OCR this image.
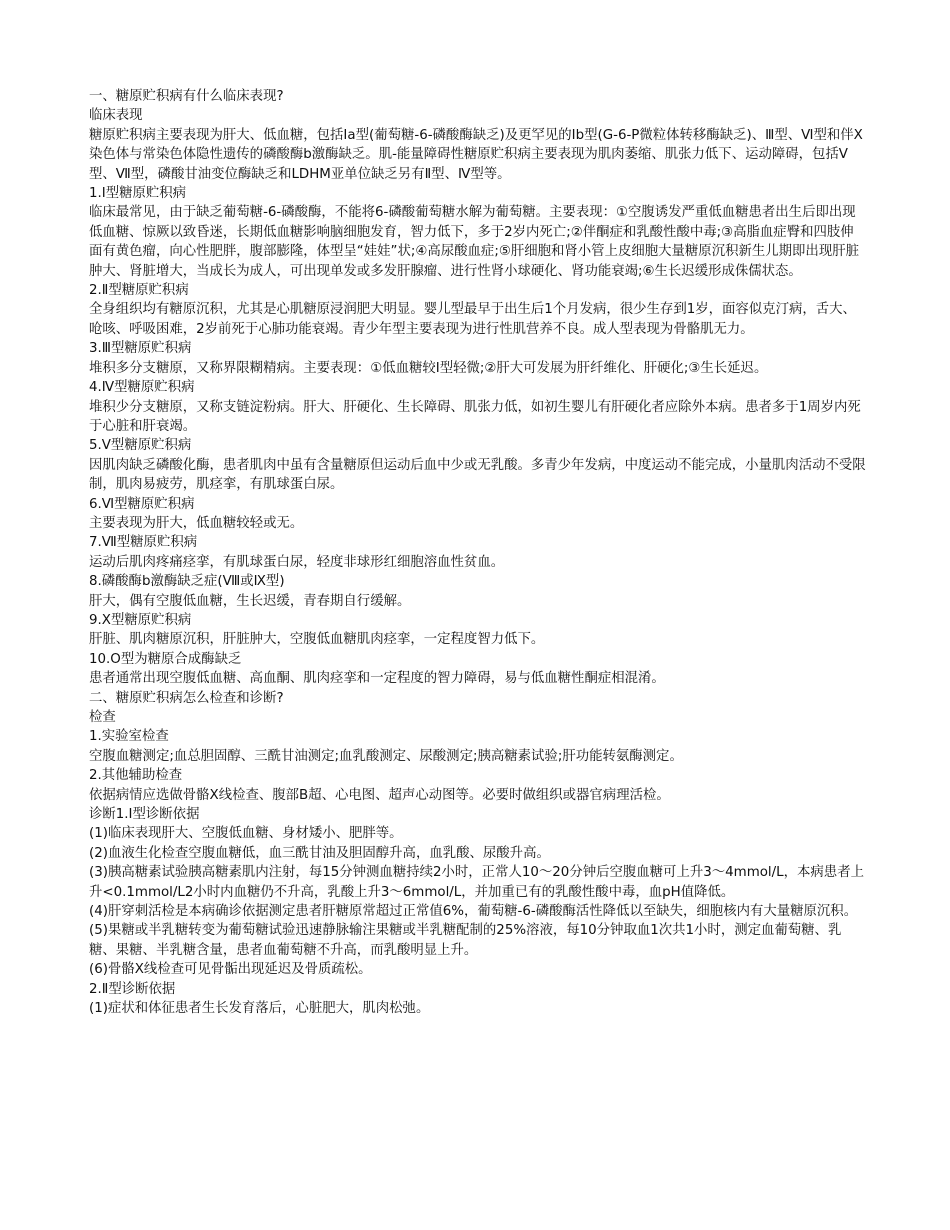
一、糖原贮积病有什么临床表现?

临床表现

糖原贮积病主要表现为肝大、低血糖，包括Ⅰa型(葡萄糖-6-磷酸酶缺乏)及更罕见的Ⅰb型(G-6-P微粒体转移酶缺乏)、Ⅲ型、Ⅵ型和伴X染色体与常染色体隐性遗传的磷酸酶b激酶缺乏。肌-能量障碍性糖原贮积病主要表现为肌肉萎缩、肌张力低下、运动障碍，包括Ⅴ型、Ⅶ型，磷酸甘油变位酶缺乏和LDHM亚单位缺乏另有Ⅱ型、Ⅳ型等。

1.Ⅰ型糖原贮积病

临床最常见，由于缺乏葡萄糖-6-磷酸酶，不能将6-磷酸葡萄糖水解为葡萄糖。主要表现：①空腹诱发严重低血糖患者出生后即出现低血糖、惊厥以致昏迷，长期低血糖影响脑细胞发育，智力低下，多于2岁内死亡;②伴酮症和乳酸性酸中毒;③高脂血症臀和四肢伸面有黄色瘤，向心性肥胖，腹部膨隆，体型呈“娃娃”状;④高尿酸血症;⑤肝细胞和肾小管上皮细胞大量糖原沉积新生儿期即出现肝脏肿大、肾脏增大，当成长为成人，可出现单发或多发肝腺瘤、进行性肾小球硬化、肾功能衰竭;⑥生长迟缓形成侏儒状态。

2.Ⅱ型糖原贮积病

全身组织均有糖原沉积，尤其是心肌糖原浸润肥大明显。婴儿型最早于出生后1个月发病，很少生存到1岁，面容似克汀病，舌大、呛咳、呼吸困难，2岁前死于心肺功能衰竭。青少年型主要表现为进行性肌营养不良。成人型表现为骨骼肌无力。

3.Ⅲ型糖原贮积病

堆积多分支糖原，又称界限糊精病。主要表现：①低血糖较Ⅰ型轻微;②肝大可发展为肝纤维化、肝硬化;③生长延迟。

4.Ⅳ型糖原贮积病

堆积少分支糖原，又称支链淀粉病。肝大、肝硬化、生长障碍、肌张力低，如初生婴儿有肝硬化者应除外本病。患者多于1周岁内死于心脏和肝衰竭。

5.Ⅴ型糖原贮积病

因肌肉缺乏磷酸化酶，患者肌肉中虽有含量糖原但运动后血中少或无乳酸。多青少年发病，中度运动不能完成，小量肌肉活动不受限制，肌肉易疲劳，肌痉挛，有肌球蛋白尿。

6.Ⅵ型糖原贮积病

主要表现为肝大，低血糖较轻或无。

7.Ⅶ型糖原贮积病

运动后肌肉疼痛痉挛，有肌球蛋白尿，轻度非球形红细胞溶血性贫血。

8.磷酸酶b激酶缺乏症(Ⅷ或Ⅸ型)

肝大，偶有空腹低血糖，生长迟缓，青春期自行缓解。

9.X型糖原贮积病

肝脏、肌肉糖原沉积，肝脏肿大，空腹低血糖肌肉痉挛，一定程度智力低下。

10.O型为糖原合成酶缺乏

患者通常出现空腹低血糖、高血酮、肌肉痉挛和一定程度的智力障碍，易与低血糖性酮症相混淆。

二、糖原贮积病怎么检查和诊断?

检查

1.实验室检查

空腹血糖测定;血总胆固醇、三酰甘油测定;血乳酸测定、尿酸测定;胰高糖素试验;肝功能转氨酶测定。

2.其他辅助检查

依据病情应选做骨骼X线检查、腹部B超、心电图、超声心动图等。必要时做组织或器官病理活检。

诊断1.Ⅰ型诊断依据

(1)临床表现肝大、空腹低血糖、身材矮小、肥胖等。

(2)血液生化检查空腹血糖低，血三酰甘油及胆固醇升高，血乳酸、尿酸升高。

(3)胰高糖素试验胰高糖素肌内注射，每15分钟测血糖持续2小时，正常人10～20分钟后空腹血糖可上升3～4mmol/L，本病患者上升<0.1mmol/L2小时内血糖仍不升高，乳酸上升3～6mmol/L，并加重已有的乳酸性酸中毒，血pH值降低。

(4)肝穿刺活检是本病确诊依据测定患者肝糖原常超过正常值6%，葡萄糖-6-磷酸酶活性降低以至缺失，细胞核内有大量糖原沉积。

(5)果糖或半乳糖转变为葡萄糖试验迅速静脉输注果糖或半乳糖配制的25%溶液，每10分钟取血1次共1小时，测定血葡萄糖、乳糖、果糖、半乳糖含量，患者血葡萄糖不升高，而乳酸明显上升。

(6)骨骼X线检查可见骨骺出现延迟及骨质疏松。

2.Ⅱ型诊断依据

(1)症状和体征患者生长发育落后，心脏肥大，肌肉松弛。
